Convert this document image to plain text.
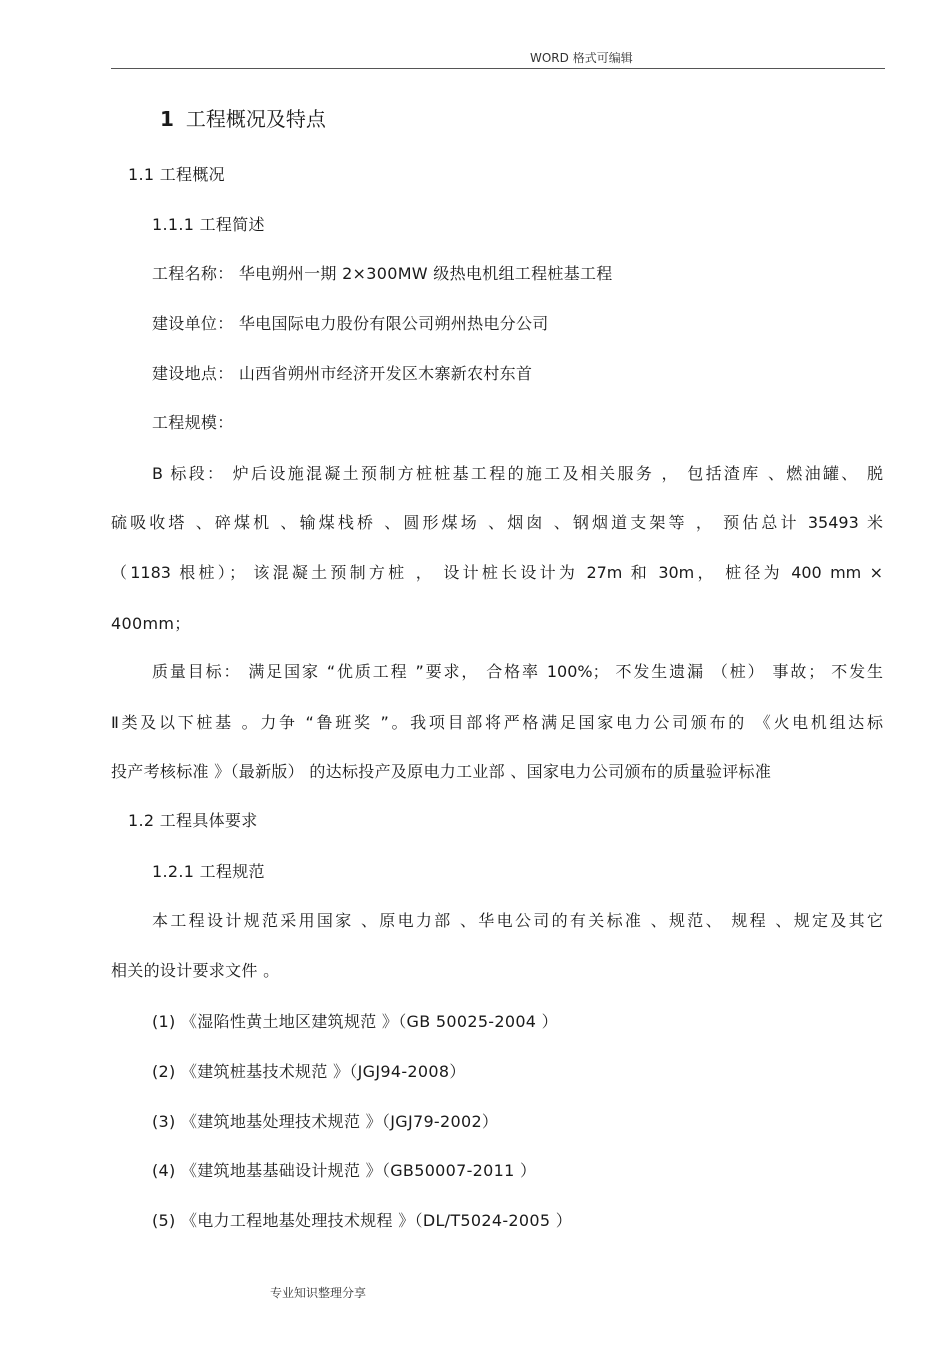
WORD 格式可编辑
1 工程概况及特点
1.1 工程概况
1.1.1 工程简述
工程名称： 华电朔州一期 2×300MW 级热电机组工程桩基工程
建设单位： 华电国际电力股份有限公司朔州热电分公司
建设地点： 山西省朔州市经济开发区木寨新农村东首
工程规模：
B 标段： 炉后设施混凝土预制方桩桩基工程的施工及相关服务 ， 包括渣库 、燃油罐、 脱
硫吸收塔 、碎煤机 、输煤栈桥 、圆形煤场 、烟囱 、钢烟道支架等 ， 预估总计 35493 米
（1183 根桩）； 该混凝土预制方桩 ， 设计桩长设计为 27m 和 30m， 桩径为 400 mm ×
400mm；
质量目标： 满足国家 “优质工程 ”要求， 合格率 100%； 不发生遗漏 （桩） 事故； 不发生
Ⅱ类及以下桩基 。力争 “鲁班奖 ”。我项目部将严格满足国家电力公司颁布的 《火电机组达标
投产考核标准 》（最新版） 的达标投产及原电力工业部 、国家电力公司颁布的质量验评标准
1.2 工程具体要求
1.2.1 工程规范
本工程设计规范采用国家 、原电力部 、华电公司的有关标准 、规范、 规程 、规定及其它
相关的设计要求文件 。
(1) 《湿陷性黄土地区建筑规范 》（GB 50025-2004 ）
(2) 《建筑桩基技术规范 》（JGJ94-2008）
(3) 《建筑地基处理技术规范 》（JGJ79-2002）
(4) 《建筑地基基础设计规范 》（GB50007-2011 ）
(5) 《电力工程地基处理技术规程 》（DL/T5024-2005 ）
专业知识整理分享
